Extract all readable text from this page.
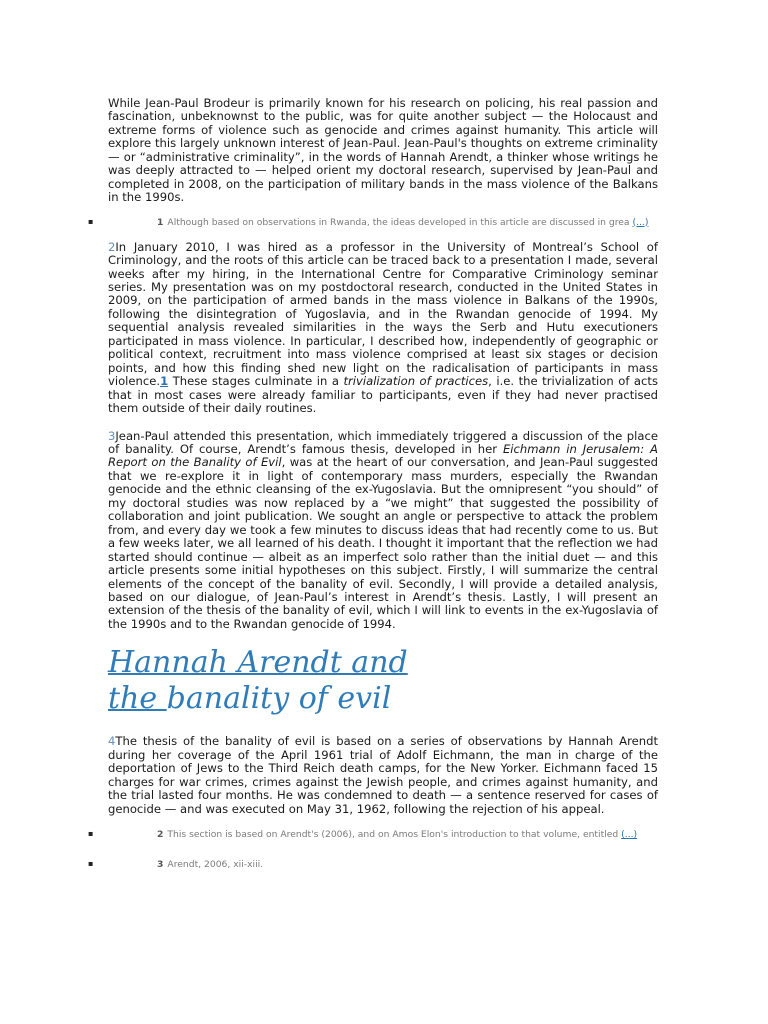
While Jean-Paul Brodeur is primarily known for his research on policing, his real passion and fascination, unbeknownst to the public, was for quite another subject — the Holocaust and extreme forms of violence such as genocide and crimes against humanity. This article will explore this largely unknown interest of Jean-Paul. Jean-Paul's thoughts on extreme criminality — or “administrative criminality”, in the words of Hannah Arendt, a thinker whose writings he was deeply attracted to — helped orient my doctoral research, supervised by Jean-Paul and completed in 2008, on the participation of military bands in the mass violence of the Balkans in the 1990s.

▪	1 Although based on observations in Rwanda, the ideas developed in this article are discussed in grea (...)

2In January 2010, I was hired as a professor in the University of Montreal’s School of Criminology, and the roots of this article can be traced back to a presentation I made, several weeks after my hiring, in the International Centre for Comparative Criminology seminar series. My presentation was on my postdoctoral research, conducted in the United States in 2009, on the participation of armed bands in the mass violence in Balkans of the 1990s, following the disintegration of Yugoslavia, and in the Rwandan genocide of 1994. My sequential analysis revealed similarities in the ways the Serb and Hutu executioners participated in mass violence. In particular, I described how, independently of geographic or political context, recruitment into mass violence comprised at least six stages or decision points, and how this finding shed new light on the radicalisation of participants in mass violence.1 These stages culminate in a trivialization of practices, i.e. the trivialization of acts that in most cases were already familiar to participants, even if they had never practised them outside of their daily routines.

3Jean-Paul attended this presentation, which immediately triggered a discussion of the place of banality. Of course, Arendt’s famous thesis, developed in her Eichmann in Jerusalem: A Report on the Banality of Evil, was at the heart of our conversation, and Jean-Paul suggested that we re-explore it in light of contemporary mass murders, especially the Rwandan genocide and the ethnic cleansing of the ex-Yugoslavia. But the omnipresent “you should” of my doctoral studies was now replaced by a “we might” that suggested the possibility of collaboration and joint publication. We sought an angle or perspective to attack the problem from, and every day we took a few minutes to discuss ideas that had recently come to us. But a few weeks later, we all learned of his death. I thought it important that the reflection we had started should continue — albeit as an imperfect solo rather than the initial duet — and this article presents some initial hypotheses on this subject. Firstly, I will summarize the central elements of the concept of the banality of evil. Secondly, I will provide a detailed analysis, based on our dialogue, of Jean-Paul’s interest in Arendt’s thesis. Lastly, I will present an extension of the thesis of the banality of evil, which I will link to events in the ex-Yugoslavia of the 1990s and to the Rwandan genocide of 1994.

Hannah Arendt and
the banality of evil

4The thesis of the banality of evil is based on a series of observations by Hannah Arendt during her coverage of the April 1961 trial of Adolf Eichmann, the man in charge of the deportation of Jews to the Third Reich death camps, for the New Yorker. Eichmann faced 15 charges for war crimes, crimes against the Jewish people, and crimes against humanity, and the trial lasted four months. He was condemned to death — a sentence reserved for cases of genocide — and was executed on May 31, 1962, following the rejection of his appeal.

▪	2 This section is based on Arendt's (2006), and on Amos Elon's introduction to that volume, entitled (...)
▪	3 Arendt, 2006, xii-xiii.
